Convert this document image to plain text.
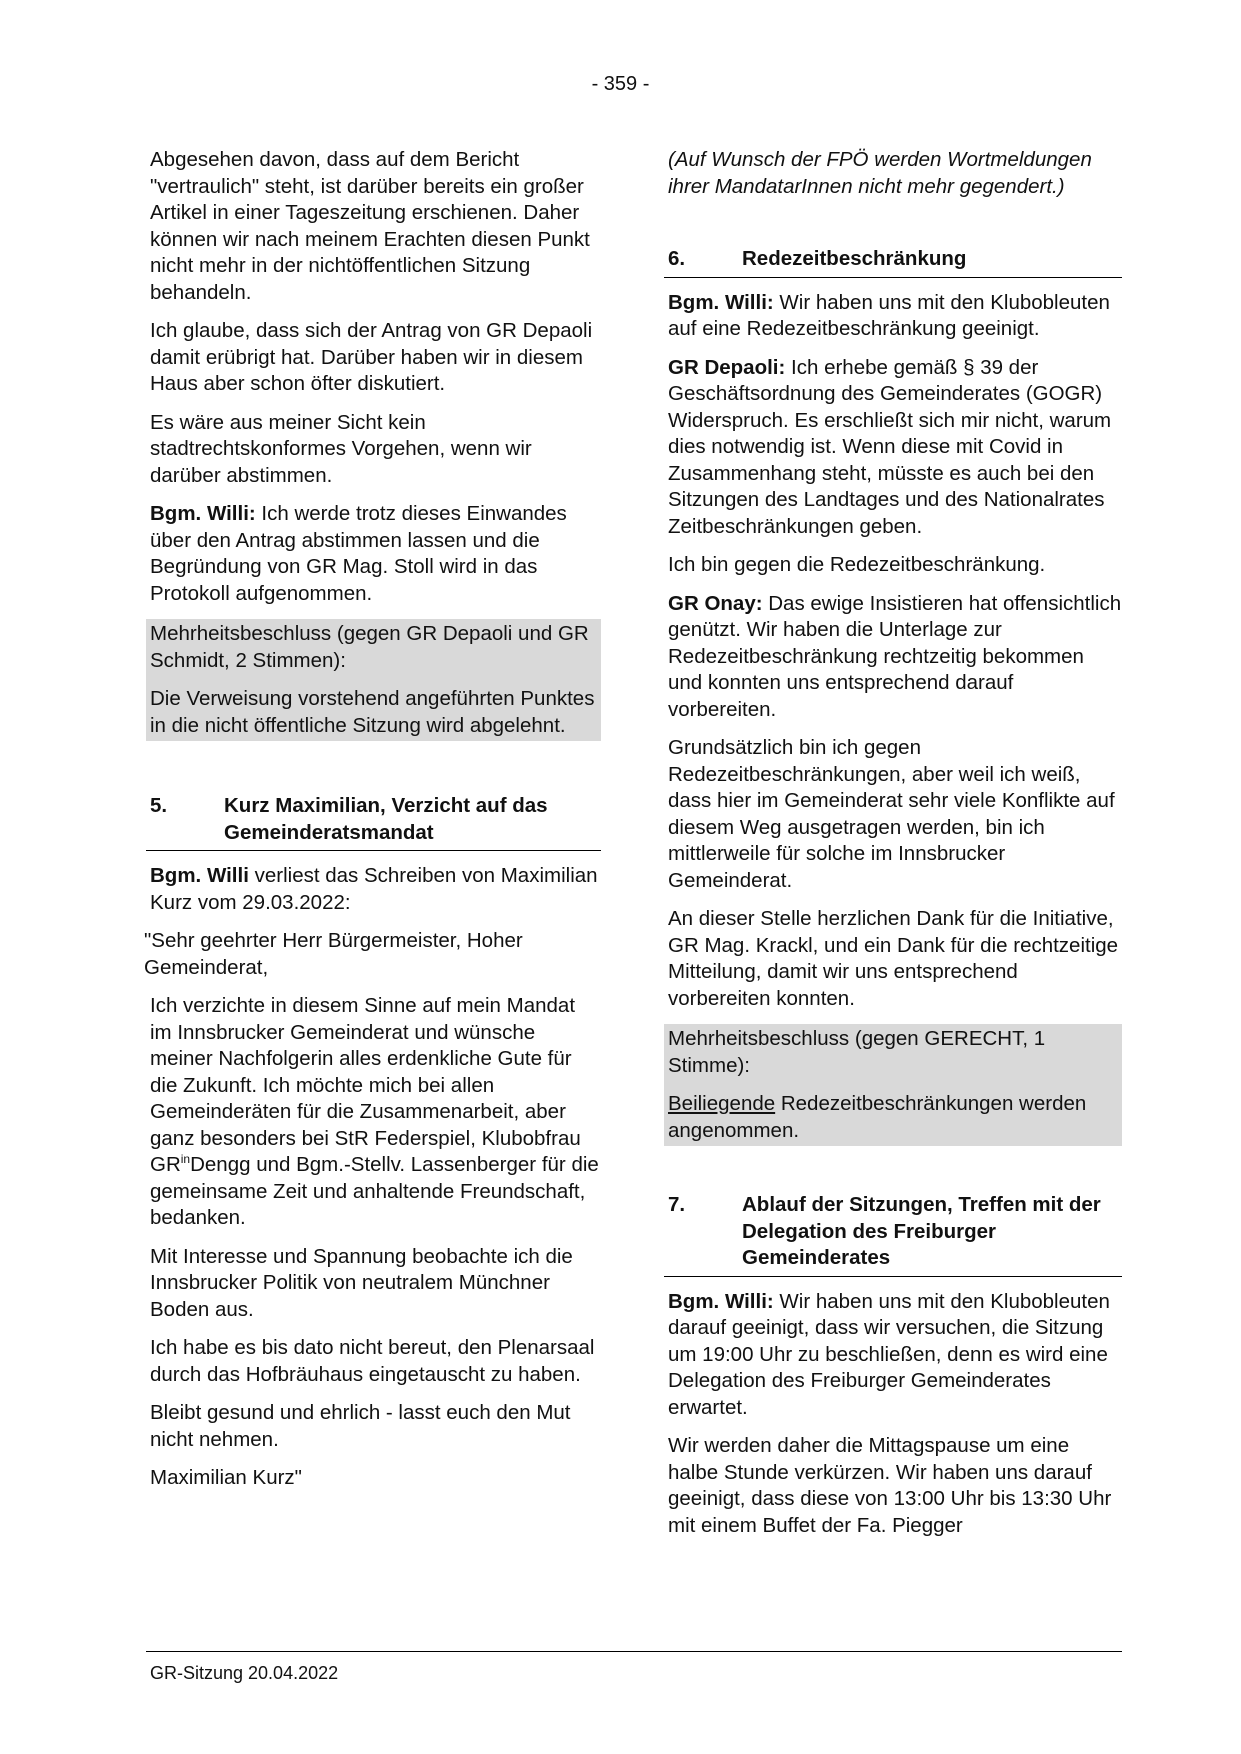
- 359 -

Abgesehen davon, dass auf dem Bericht "vertraulich" steht, ist darüber bereits ein großer Artikel in einer Tageszeitung erschienen. Daher können wir nach meinem Erachten diesen Punkt nicht mehr in der nichtöffentlichen Sitzung behandeln.

Ich glaube, dass sich der Antrag von GR Depaoli damit erübrigt hat. Darüber haben wir in diesem Haus aber schon öfter diskutiert.

Es wäre aus meiner Sicht kein stadtrechtskonformes Vorgehen, wenn wir darüber abstimmen.

Bgm. Willi: Ich werde trotz dieses Einwandes über den Antrag abstimmen lassen und die Begründung von GR Mag. Stoll wird in das Protokoll aufgenommen.

Mehrheitsbeschluss (gegen GR Depaoli und GR Schmidt, 2 Stimmen):

Die Verweisung vorstehend angeführten Punktes in die nicht öffentliche Sitzung wird abgelehnt.

5.	Kurz Maximilian, Verzicht auf das Gemeinderatsmandat

Bgm. Willi verliest das Schreiben von Maximilian Kurz vom 29.03.2022:

"Sehr geehrter Herr Bürgermeister, Hoher Gemeinderat,

Ich verzichte in diesem Sinne auf mein Mandat im Innsbrucker Gemeinderat und wünsche meiner Nachfolgerin alles erdenkliche Gute für die Zukunft. Ich möchte mich bei allen Gemeinderäten für die Zusammenarbeit, aber ganz besonders bei StR Federspiel, Klubobfrau $GR^{in}Dengg$ und Bgm.-Stellv. Lassenberger für die gemeinsame Zeit und anhaltende Freundschaft, bedanken.

Mit Interesse und Spannung beobachte ich die Innsbrucker Politik von neutralem Münchner Boden aus.

Ich habe es bis dato nicht bereut, den Plenarsaal durch das Hofbräuhaus eingetauscht zu haben.

Bleibt gesund und ehrlich - lasst euch den Mut nicht nehmen.

Maximilian Kurz"

(Auf Wunsch der FPÖ werden Wortmeldungen ihrer MandatarInnen nicht mehr gegendert.)

6.	Redezeitbeschränkung

Bgm. Willi: Wir haben uns mit den Klubobleuten auf eine Redezeitbeschränkung geeinigt.

GR Depaoli: Ich erhebe gemäß § 39 der Geschäftsordnung des Gemeinderates (GOGR) Widerspruch. Es erschließt sich mir nicht, warum dies notwendig ist. Wenn diese mit Covid in Zusammenhang steht, müsste es auch bei den Sitzungen des Landtages und des Nationalrates Zeitbeschränkungen geben.

Ich bin gegen die Redezeitbeschränkung.

GR Onay: Das ewige Insistieren hat offensichtlich genützt. Wir haben die Unterlage zur Redezeitbeschränkung rechtzeitig bekommen und konnten uns entsprechend darauf vorbereiten.

Grundsätzlich bin ich gegen Redezeitbeschränkungen, aber weil ich weiß, dass hier im Gemeinderat sehr viele Konflikte auf diesem Weg ausgetragen werden, bin ich mittlerweile für solche im Innsbrucker Gemeinderat.

An dieser Stelle herzlichen Dank für die Initiative, GR Mag. Krackl, und ein Dank für die rechtzeitige Mitteilung, damit wir uns entsprechend vorbereiten konnten.

Mehrheitsbeschluss (gegen GERECHT, 1 Stimme):

Beiliegende Redezeitbeschränkungen werden angenommen.

7.	Ablauf der Sitzungen, Treffen mit der Delegation des Freiburger Gemeinderates

Bgm. Willi: Wir haben uns mit den Klubobleuten darauf geeinigt, dass wir versuchen, die Sitzung um 19:00 Uhr zu beschließen, denn es wird eine Delegation des Freiburger Gemeinderates erwartet.

Wir werden daher die Mittagspause um eine halbe Stunde verkürzen. Wir haben uns darauf geeinigt, dass diese von 13:00 Uhr bis 13:30 Uhr mit einem Buffet der Fa. Piegger

GR-Sitzung 20.04.2022
